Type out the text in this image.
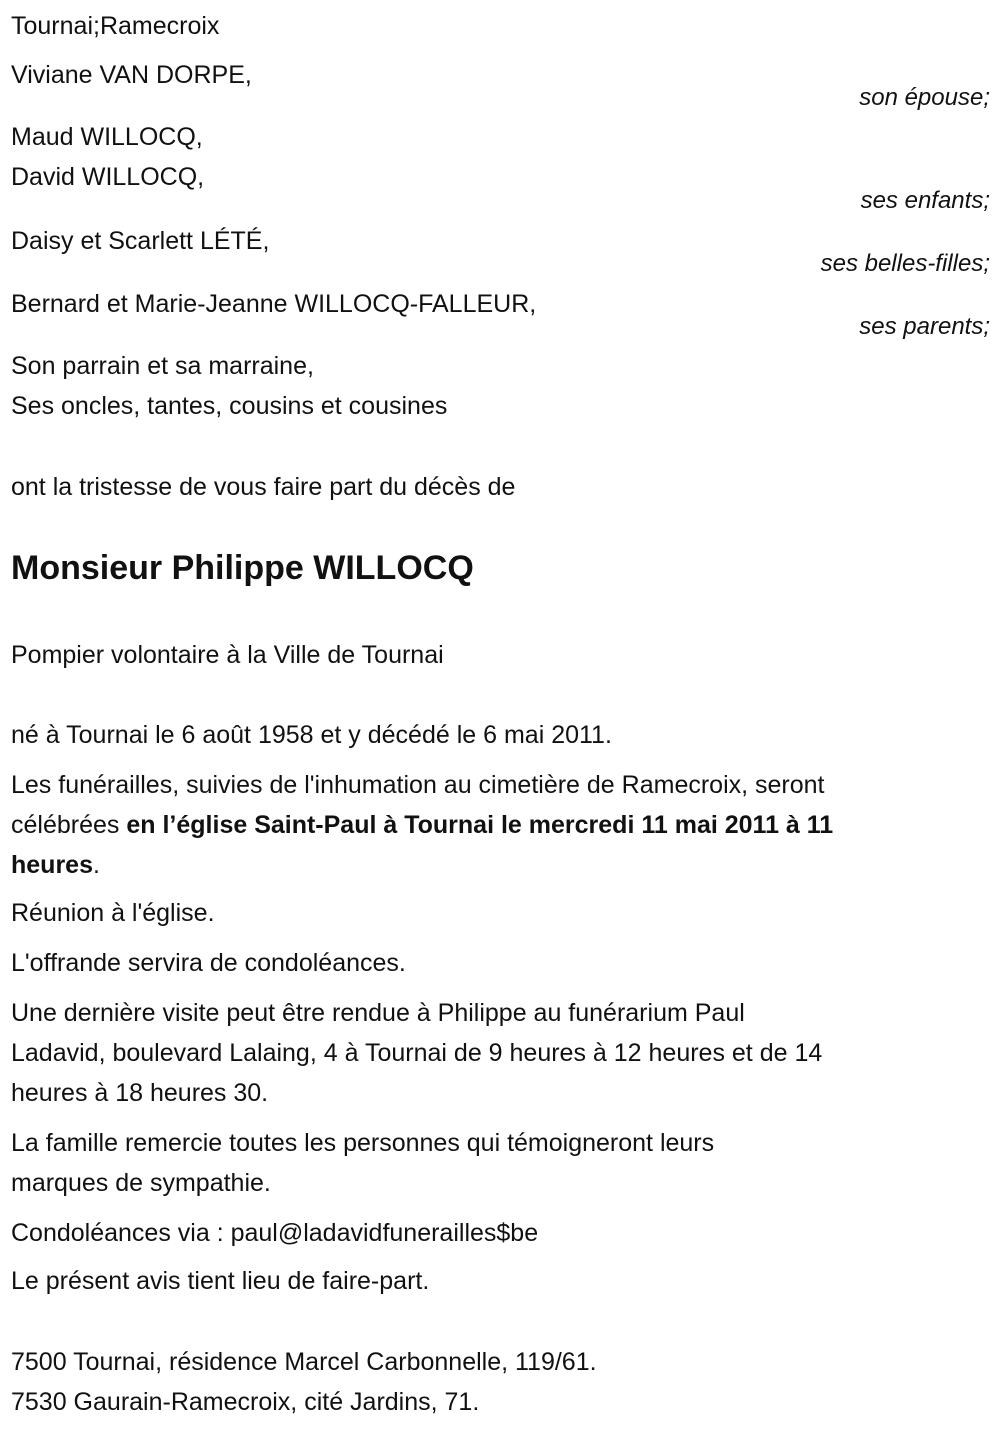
Tournai;Ramecroix
Viviane VAN DORPE,
son épouse;
Maud WILLOCQ,
David WILLOCQ,
ses enfants;
Daisy et Scarlett LÉTÉ,
ses belles-filles;
Bernard et Marie-Jeanne WILLOCQ-FALLEUR,
ses parents;
Son parrain et sa marraine,
Ses oncles, tantes, cousins et cousines
ont la tristesse de vous faire part du décès de
Monsieur Philippe WILLOCQ
Pompier volontaire à la Ville de Tournai
né à Tournai le 6 août 1958 et y décédé le 6 mai 2011.
Les funérailles, suivies de l'inhumation au cimetière de Ramecroix, seront
célébrées en l’église Saint-Paul à Tournai le mercredi 11 mai 2011 à 11
heures.
Réunion à l'église.
L'offrande servira de condoléances.
Une dernière visite peut être rendue à Philippe au funérarium Paul
Ladavid, boulevard Lalaing, 4 à Tournai de 9 heures à 12 heures et de 14
heures à 18 heures 30.
La famille remercie toutes les personnes qui témoigneront leurs
marques de sympathie.
Condoléances via : paul@ladavidfunerailles$be
Le présent avis tient lieu de faire-part.
7500 Tournai, résidence Marcel Carbonnelle, 119/61.
7530 Gaurain-Ramecroix, cité Jardins, 71.
